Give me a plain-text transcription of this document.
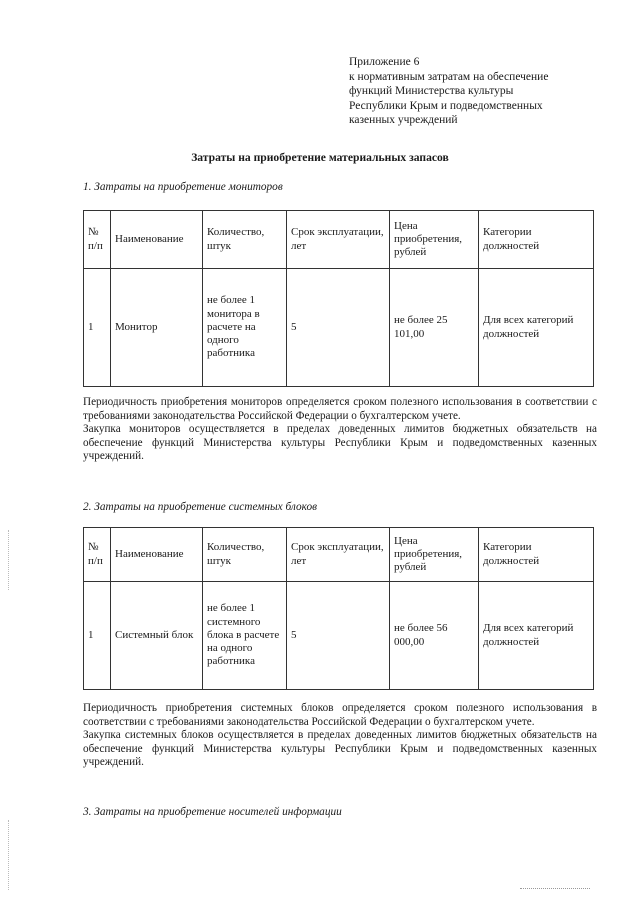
Приложение 6
к нормативным затратам на обеспечение
функций Министерства культуры
Республики Крым и подведомственных
казенных учреждений
Затраты на приобретение материальных запасов
1. Затраты на приобретение мониторов
№ п/п	Наименование	Количество, штук	Срок эксплуатации, лет	Цена приобретения, рублей	Категории должностей
1	Монитор	не более 1 монитора в расчете на одного работника	5	не более 25 101,00	Для всех категорий должностей

Периодичность приобретения мониторов определяется сроком полезного использования в соответствии с требованиями законодательства Российской Федерации о бухгалтерском учете.

Закупка мониторов осуществляется в пределах доведенных лимитов бюджетных обязательств на обеспечение функций Министерства культуры Республики Крым и подведомственных казенных учреждений.

2. Затраты на приобретение системных блоков
№ п/п	Наименование	Количество, штук	Срок эксплуатации, лет	Цена приобретения, рублей	Категории должностей
1	Системный блок	не более 1 системного блока в расчете на одного работника	5	не более 56 000,00	Для всех категорий должностей

Периодичность приобретения системных блоков определяется сроком полезного использования в соответствии с требованиями законодательства Российской Федерации о бухгалтерском учете.

Закупка системных блоков осуществляется в пределах доведенных лимитов бюджетных обязательств на обеспечение функций Министерства культуры Республики Крым и подведомственных казенных учреждений.

3. Затраты на приобретение носителей информации
